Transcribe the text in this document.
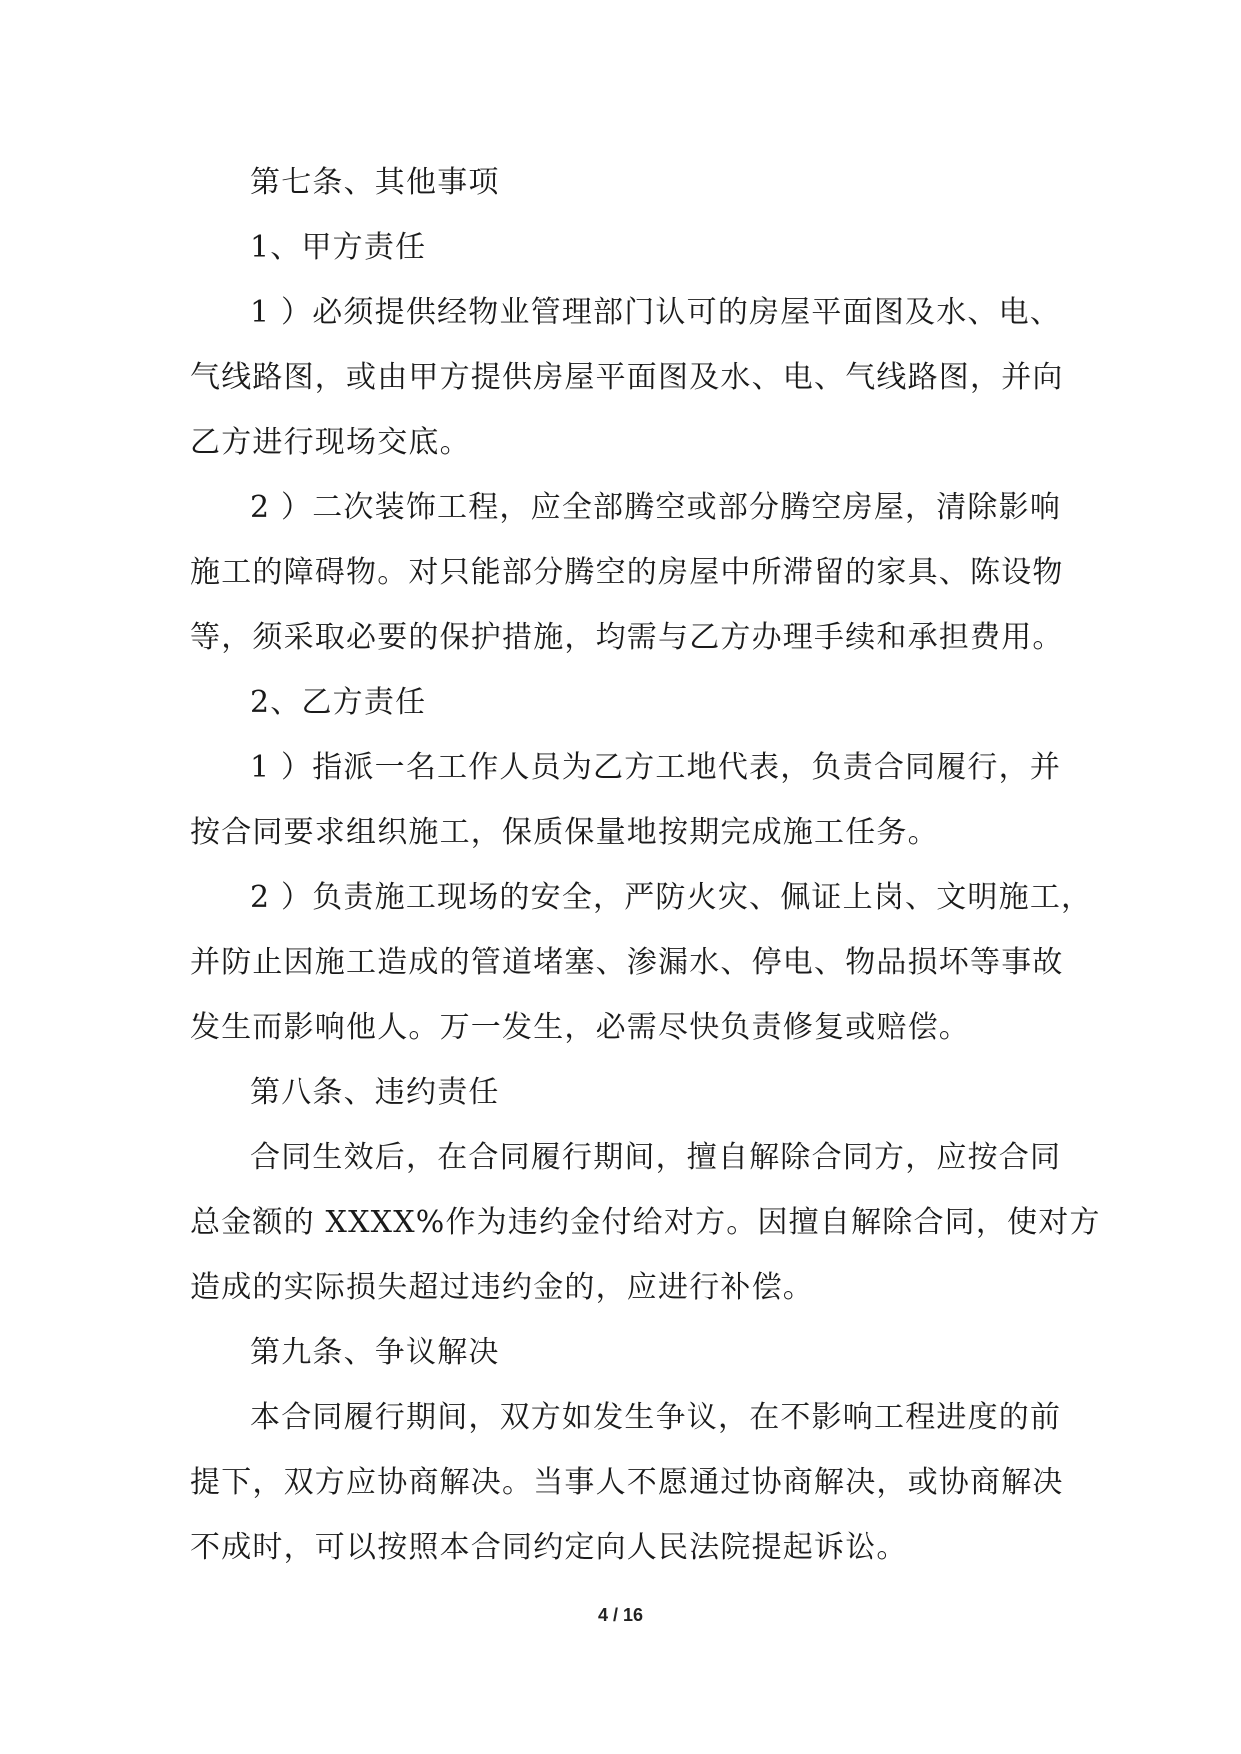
第七条、其他事项
1、甲方责任
1 ）必须提供经物业管理部门认可的房屋平面图及水、电、
气线路图，或由甲方提供房屋平面图及水、电、气线路图，并向
乙方进行现场交底。
2 ）二次装饰工程，应全部腾空或部分腾空房屋，清除影响
施工的障碍物。对只能部分腾空的房屋中所滞留的家具、陈设物
等，须采取必要的保护措施，均需与乙方办理手续和承担费用。
2、乙方责任
1 ）指派一名工作人员为乙方工地代表，负责合同履行，并
按合同要求组织施工，保质保量地按期完成施工任务。
2 ）负责施工现场的安全，严防火灾、佩证上岗、文明施工，
并防止因施工造成的管道堵塞、渗漏水、停电、物品损坏等事故
发生而影响他人。万一发生，必需尽快负责修复或赔偿。
第八条、违约责任
合同生效后，在合同履行期间，擅自解除合同方，应按合同
总金额的 XXXX%作为违约金付给对方。因擅自解除合同，使对方
造成的实际损失超过违约金的，应进行补偿。
第九条、争议解决
本合同履行期间，双方如发生争议，在不影响工程进度的前
提下，双方应协商解决。当事人不愿通过协商解决，或协商解决
不成时，可以按照本合同约定向人民法院提起诉讼。
4 / 16
